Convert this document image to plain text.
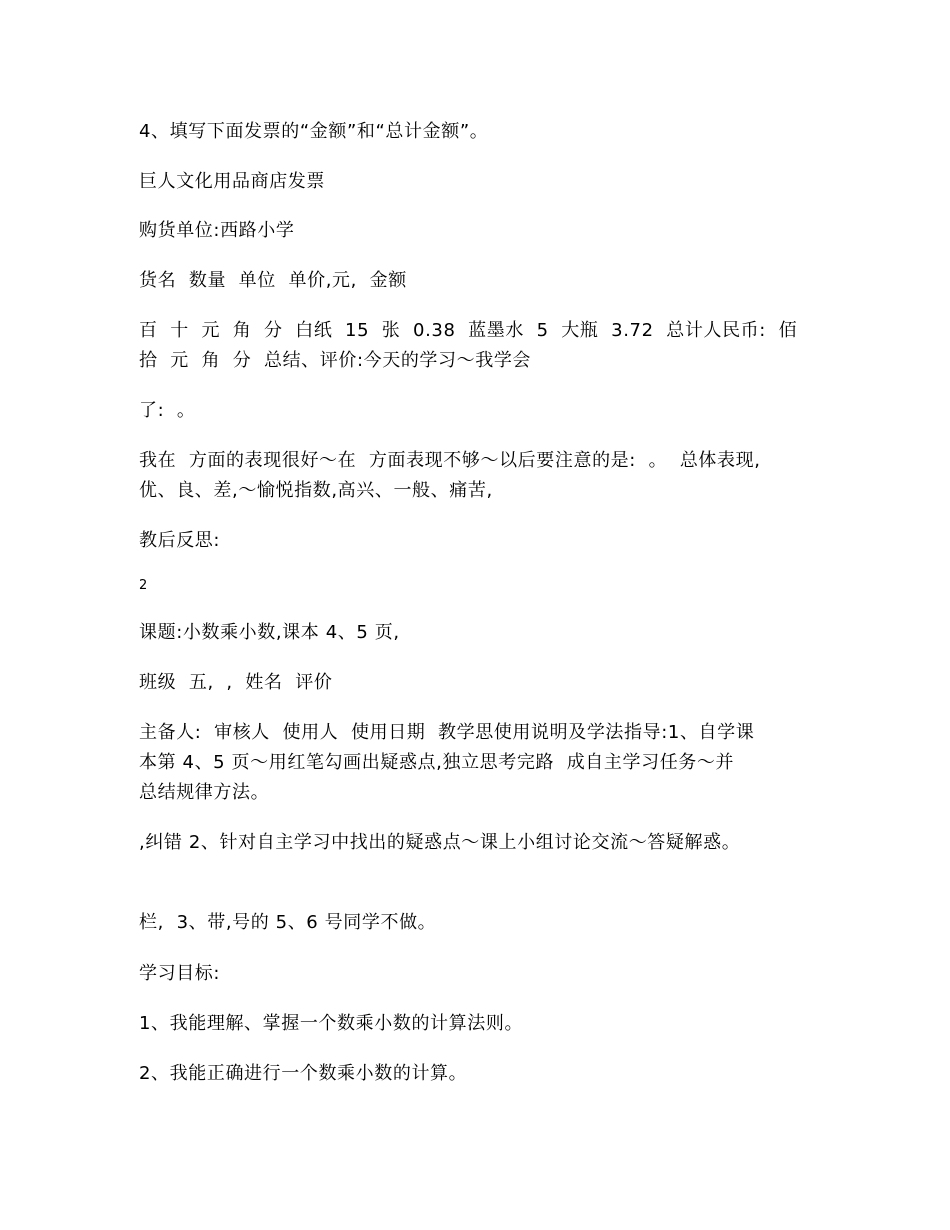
4、填写下面发票的“金额”和“总计金额”。
巨人文化用品商店发票
购货单位:西路小学
货名  数量  单位  单价,元,  金额
百  十  元  角  分  白纸  15  张  0.38  蓝墨水  5  大瓶  3.72  总计人民币:  佰
拾  元  角  分  总结、评价:今天的学习～我学会
了:  。
我在  方面的表现很好～在  方面表现不够～以后要注意的是:  。  总体表现,
优、良、差,～愉悦指数,高兴、一般、痛苦,
教后反思:
2
课题:小数乘小数,课本 4、5 页,
班级  五,  ,  姓名  评价
主备人:  审核人  使用人  使用日期  教学思使用说明及学法指导:1、自学课
本第 4、5 页～用红笔勾画出疑惑点,独立思考完路  成自主学习任务～并
总结规律方法。
,纠错 2、针对自主学习中找出的疑惑点～课上小组讨论交流～答疑解惑。
栏,  3、带,号的 5、6 号同学不做。
学习目标:
1、我能理解、掌握一个数乘小数的计算法则。
2、我能正确进行一个数乘小数的计算。
